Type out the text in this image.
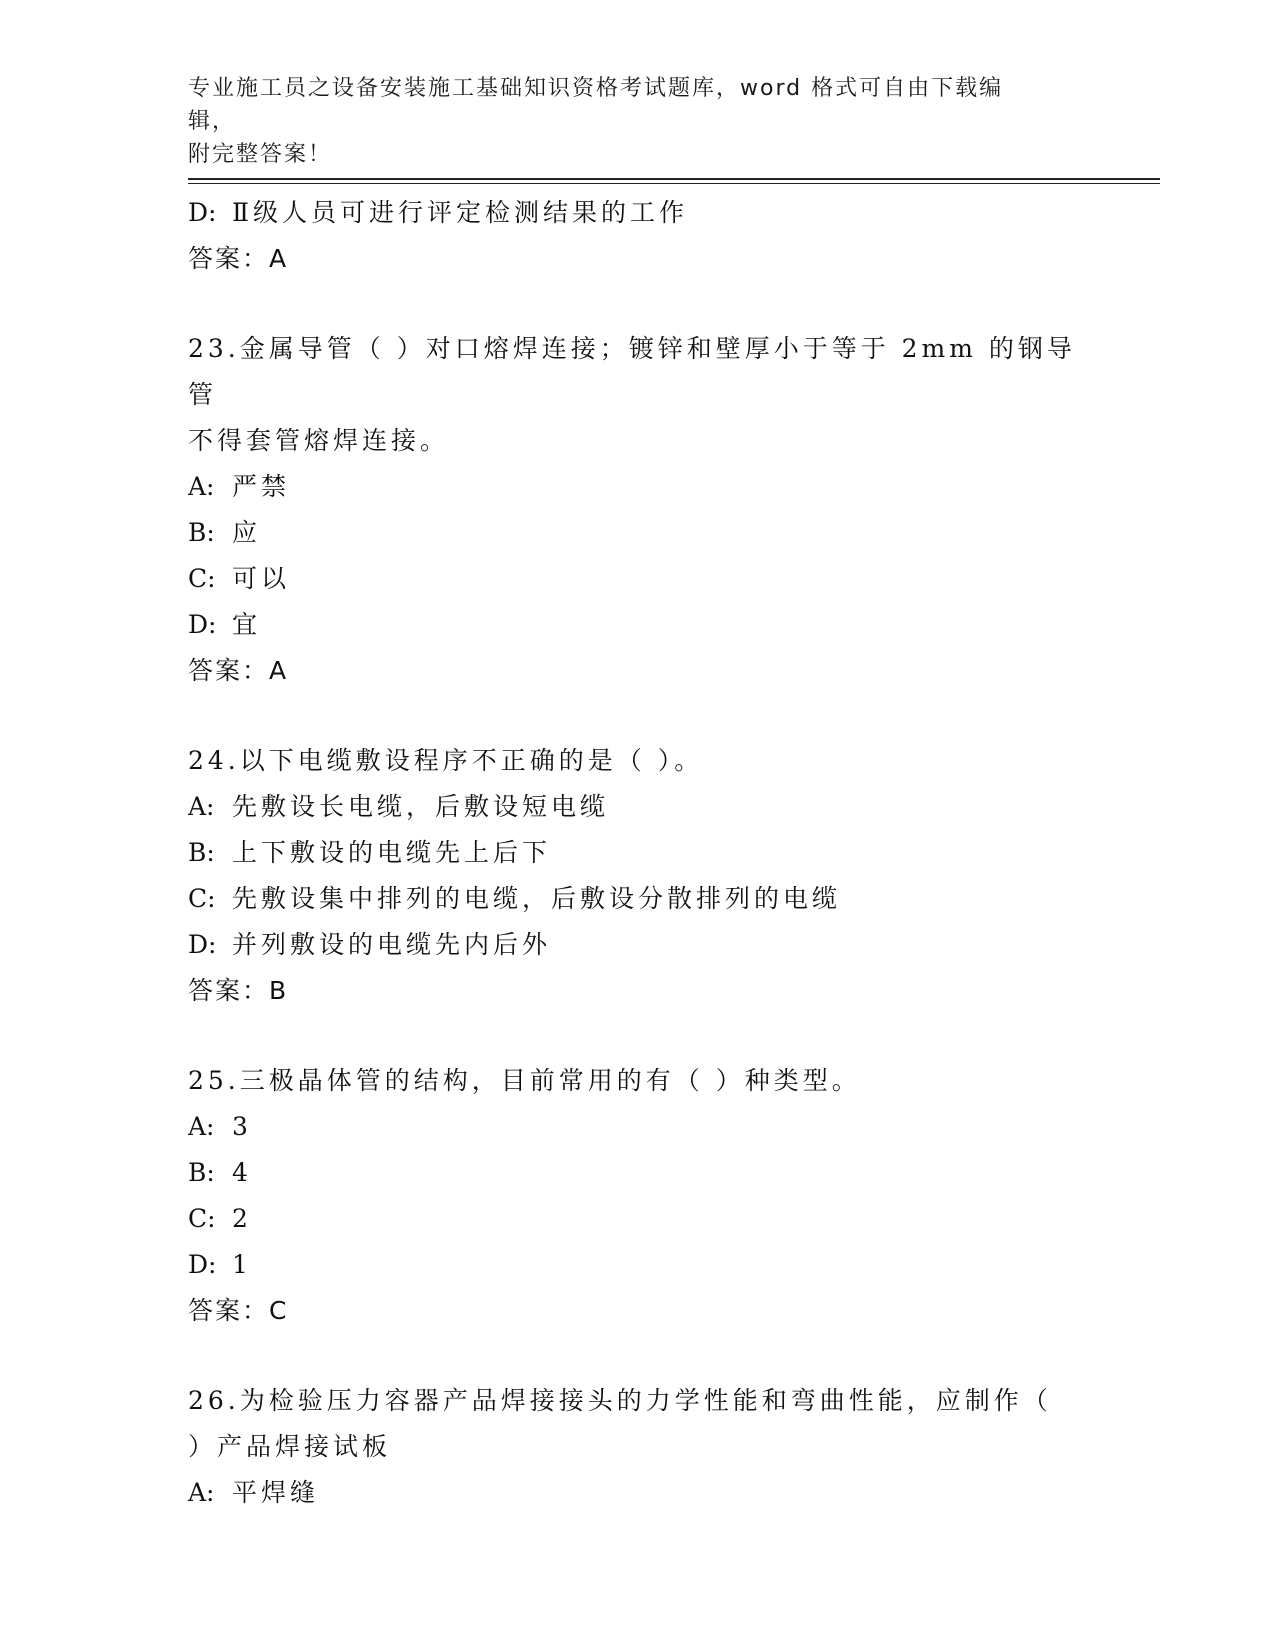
专业施工员之设备安装施工基础知识资格考试题库，word 格式可自由下载编辑，
附完整答案！
D: Ⅱ级人员可进行评定检测结果的工作
答案：A
23.金属导管（ ）对口熔焊连接；镀锌和壁厚小于等于 2mm 的钢导管
不得套管熔焊连接。
A: 严禁
B: 应
C: 可以
D: 宜
答案：A
24.以下电缆敷设程序不正确的是（ ）。
A: 先敷设长电缆，后敷设短电缆
B: 上下敷设的电缆先上后下
C: 先敷设集中排列的电缆，后敷设分散排列的电缆
D: 并列敷设的电缆先内后外
答案：B
25.三极晶体管的结构，目前常用的有（ ）种类型。
A: 3
B: 4
C: 2
D: 1
答案：C
26.为检验压力容器产品焊接接头的力学性能和弯曲性能，应制作（
）产品焊接试板
A: 平焊缝
